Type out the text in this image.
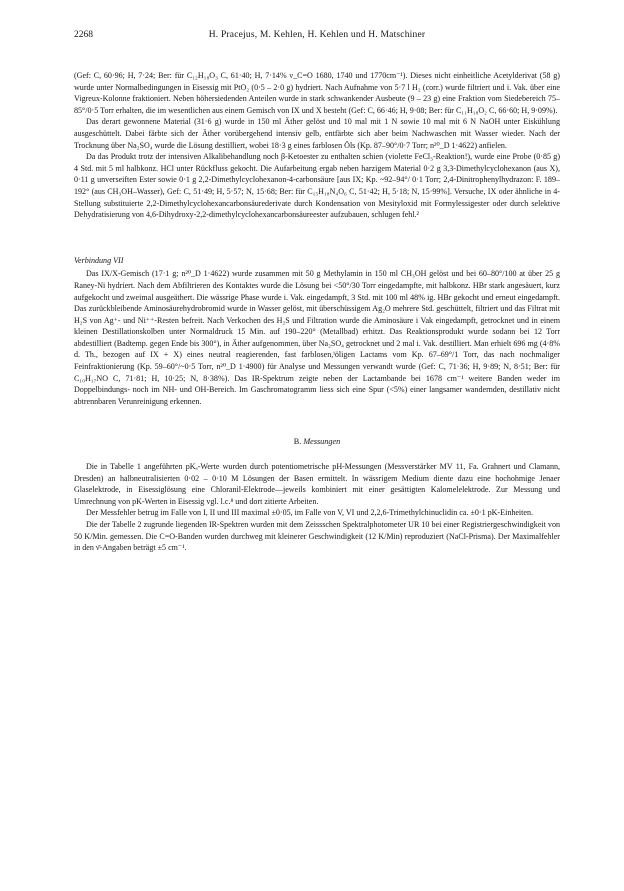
2268	H. Pracejus, M. Kehlen, H. Kehlen und H. Matschiner

(Gef: C, 60·96; H, 7·24; Ber: für C₁₂H₁₈O₃ C, 61·40; H, 7·14% ν_C=O 1680, 1740 und 1770cm⁻¹). Dieses nicht einheitliche Acetylderivat (58 g) wurde unter Normalbedingungen in Eisessig mit PtO₂ (0·5 – 2·0 g) hydriert. Nach Aufnahme von 5·7 l H₂ (corr.) wurde filtriert und i. Vak. über eine Vigreux-Kolonne fraktioniert. Neben höhersiedenden Anteilen wurde in stark schwankender Ausbeute (9 – 23 g) eine Fraktion vom Siedebereich 75–85°/0·5 Torr erhalten, die im wesentlichen aus einem Gemisch von IX und X besteht (Gef: C, 66·46; H, 9·08; Ber: für C₁₁H₁₈O₂ C, 66·60; H, 9·09%).

Das derart gewonnene Material (31·6 g) wurde in 150 ml Äther gelöst und 10 mal mit 1 N sowie 10 mal mit 6 N NaOH unter Eiskühlung ausgeschüttelt. Dabei färbte sich der Äther vorübergehend intensiv gelb, entfärbte sich aber beim Nachwaschen mit Wasser wieder. Nach der Trocknung über Na₂SO₄ wurde die Lösung destilliert, wobei 18·3 g eines farblosen Öls (Kp. 87–90°/0·7 Torr; n²⁰_D 1·4622) anfielen.

Da das Produkt trotz der intensiven Alkalibehandlung noch β-Ketoester zu enthalten schien (violette FeCl₃-Reaktion!), wurde eine Probe (0·85 g) 4 Std. mit 5 ml halbkonz. HCl unter Rückfluss gekocht. Die Aufarbeitung ergab neben harzigem Material 0·2 g 3,3-Dimethylcyclohexanon (aus X), 0·11 g unverseiften Ester sowie 0·1 g 2,2-Dimethylcyclohexanon-4-carbonsäure [aus IX; Kp. ~92–94°/ 0·1 Torr; 2,4-Dinitrophenylhydrazon: F. 189–192° (aus CH₃OH–Wasser), Gef: C, 51·49; H, 5·57; N, 15·68; Ber: für C₁₅H₁₈N₄O₆ C, 51·42; H, 5·18; N, 15·99%]. Versuche, IX oder ähnliche in 4-Stellung substituierte 2,2-Dimethylcyclohexancarbonsäurederivate durch Kondensation von Mesityloxid mit Formylessigester oder durch selektive Dehydratisierung von 4,6-Dihydroxy-2,2-dimethylcyclohexancarbonsäureester aufzubauen, schlugen fehl.²

Verbindung VII

Das IX/X-Gemisch (17·1 g; n²⁰_D 1·4622) wurde zusammen mit 50 g Methylamin in 150 ml CH₃OH gelöst und bei 60–80°/100 at über 25 g Raney-Ni hydriert. Nach dem Abfiltrieren des Kontaktes wurde die Lösung bei <50°/30 Torr eingedampfte, mit halbkonz. HBr stark angesäuert, kurz aufgekocht und zweimal ausgeäthert. Die wässrige Phase wurde i. Vak. eingedampft, 3 Std. mit 100 ml 48% ig. HBr gekocht und erneut eingedampft. Das zurückbleibende Aminosäurehydrobromid wurde in Wasser gelöst, mit überschüssigem Ag₂O mehrere Std. geschüttelt, filtriert und das Filtrat mit H₂S von Ag⁺- und Ni⁺⁺-Resten befreit. Nach Verkochen des H₂S und Filtration wurde die Aminosäure i Vak eingedampft, getrocknet und in einem kleinen Destillationskolben unter Normaldruck 15 Min. auf 190–220° (Metallbad) erhitzt. Das Reaktionsprodukt wurde sodann bei 12 Torr abdestilliert (Badtemp. gegen Ende bis 300°), in Äther aufgenommen, über Na₂SO₄ getrocknet und 2 mal i. Vak. destilliert. Man erhielt 696 mg (4·8% d. Th., bezogen auf IX + X) eines neutral reagierenden, fast farblosen,ⁱöligen Lactams vom Kp. 67–69°/1 Torr, das nach nochmaliger Feinfraktionierung (Kp. 59–60°/~0·5 Torr, n²⁰_D 1·4900) für Analyse und Messungen verwandt wurde (Gef: C, 71·36; H, 9·89; N, 8·51; Ber: für C₁₀H₁₇NO C, 71·81; H, 10·25; N, 8·38%). Das IR-Spektrum zeigte neben der Lactambande bei 1678 cm⁻¹ weitere Banden weder im Doppelbindungs- noch im NH- und OH-Bereich. Im Gaschromatogramm liess sich eine Spur (<5%) einer langsamer wandernden, destillativ nicht abtrennbaren Verunreinigung erkennen.

B. Messungen

Die in Tabelle 1 angeführten pKₐ-Werte wurden durch potentiometrische pH-Messungen (Messverstärker MV 11, Fa. Grahnert und Clamann, Dresden) an halbneutralisierten 0·02 – 0·10 M Lösungen der Basen ermittelt. In wässrigem Medium diente dazu eine hochohmige Jenaer Glaselektrode, in Eisessiglösung eine Chloranil-Elektrode—jeweils kombiniert mit einer gesättigten Kalomelelektrode. Zur Messung und Umrechnung von pK-Werten in Eisessig vgl. l.c.⁸ und dort zitierte Arbeiten.

Der Messfehler betrug im Falle von I, II und III maximal ±0·05, im Falle von V, VI und 2,2,6-Trimethylchinuclidin ca. ±0·1 pK-Einheiten.

Die der Tabelle 2 zugrunde liegenden IR-Spektren wurden mit dem Zeissschen Spektralphotometer UR 10 bei einer Registriergeschwindigkeit von 50 K/Min. gemessen. Die C=O-Banden wurden durchweg mit kleinerer Geschwindigkeit (12 K/Min) reproduziert (NaCl-Prisma). Der Maximalfehler in den ν̄-Angaben beträgt ±5 cm⁻¹.
